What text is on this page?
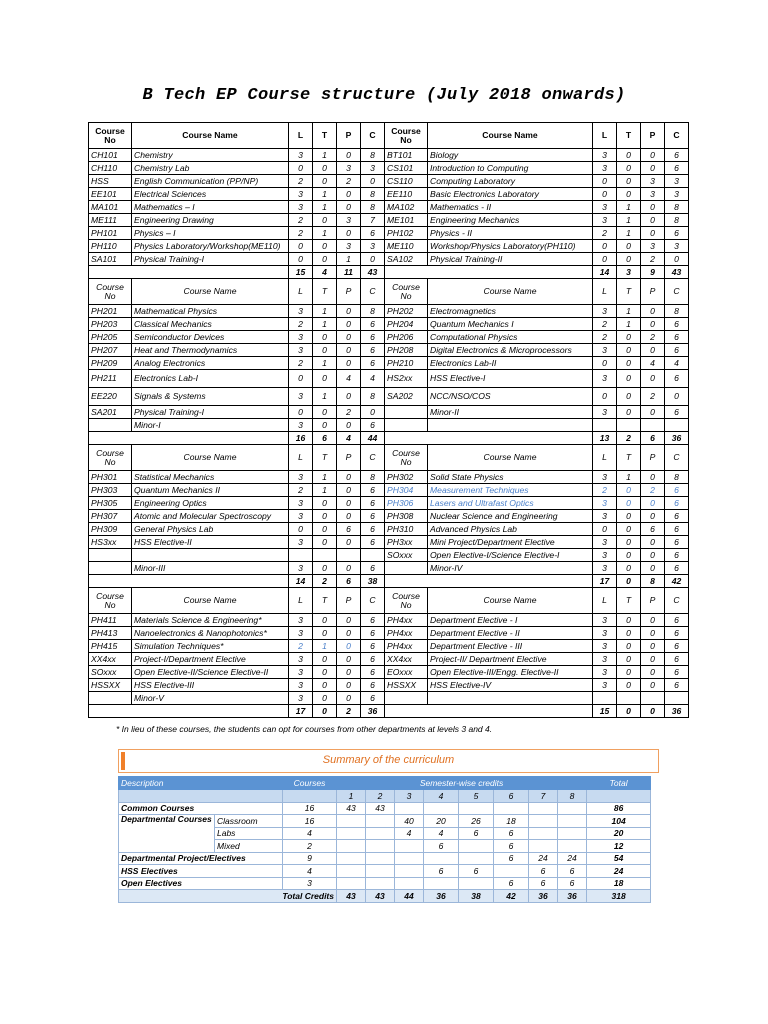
B Tech EP Course structure (July 2018 onwards)
Course No	Course Name	L	T	P	C	Course No	Course Name	L	T	P	C
CH101	Chemistry	3	1	0	8	BT101	Biology	3	0	0	6
CH110	Chemistry Lab	0	0	3	3	CS101	Introduction to Computing	3	0	0	6
HSS	English Communication (PP/NP)	2	0	2	0	CS110	Computing Laboratory	0	0	3	3
EE101	Electrical Sciences	3	1	0	8	EE110	Basic Electronics Laboratory	0	0	3	3
MA101	Mathematics – I	3	1	0	8	MA102	Mathematics - II	3	1	0	8
ME111	Engineering Drawing	2	0	3	7	ME101	Engineering Mechanics	3	1	0	8
PH101	Physics – I	2	1	0	6	PH102	Physics - II	2	1	0	6
PH110	Physics Laboratory/Workshop(ME110)	0	0	3	3	ME110	Workshop/Physics Laboratory(PH110)	0	0	3	3
SA101	Physical Training-I	0	0	1	0	SA102	Physical Training-II	0	0	2	0
		15	4	11	43			14	3	9	43
Course No	Course Name	L	T	P	C	Course No	Course Name	L	T	P	C
PH201	Mathematical Physics	3	1	0	8	PH202	Electromagnetics	3	1	0	8
PH203	Classical Mechanics	2	1	0	6	PH204	Quantum Mechanics I	2	1	0	6
PH205	Semiconductor Devices	3	0	0	6	PH206	Computational Physics	2	0	2	6
PH207	Heat and Thermodynamics	3	0	0	6	PH208	Digital Electronics & Microprocessors	3	0	0	6
PH209	Analog Electronics	2	1	0	6	PH210	Electronics Lab-II	0	0	4	4
PH211	Electronics Lab-I	0	0	4	4	HS2xx	HSS Elective-I	3	0	0	6
EE220	Signals & Systems	3	1	0	8	SA202	NCC/NSO/COS	0	0	2	0
SA201	Physical Training-I	0	0	2	0		Minor-II	3	0	0	6
	Minor-I	3	0	0	6						
		16	6	4	44			13	2	6	36
Course No	Course Name	L	T	P	C	Course No	Course Name	L	T	P	C
PH301	Statistical Mechanics	3	1	0	8	PH302	Solid State Physics	3	1	0	8
PH303	Quantum Mechanics II	2	1	0	6	PH304	Measurement Techniques	2	0	2	6
PH305	Engineering Optics	3	0	0	6	PH306	Lasers and Ultrafast Optics	3	0	0	6
PH307	Atomic and Molecular Spectroscopy	3	0	0	6	PH308	Nuclear Science and Engineering	3	0	0	6
PH309	General Physics Lab	0	0	6	6	PH310	Advanced Physics Lab	0	0	6	6
HS3xx	HSS Elective-II	3	0	0	6	PH3xx	Mini Project/Department Elective	3	0	0	6
						SOxxx	Open Elective-I/Science Elective-I	3	0	0	6
	Minor-III	3	0	0	6		Minor-IV	3	0	0	6
		14	2	6	38			17	0	8	42
Course No	Course Name	L	T	P	C	Course No	Course Name	L	T	P	C
PH411	Materials Science & Engineering*	3	0	0	6	PH4xx	Department Elective - I	3	0	0	6
PH413	Nanoelectronics & Nanophotonics*	3	0	0	6	PH4xx	Department Elective - II	3	0	0	6
PH415	Simulation Techniques*	2	1	0	6	PH4xx	Department Elective - III	3	0	0	6
XX4xx	Project-I/Department Elective	3	0	0	6	XX4xx	Project-II/ Department Elective	3	0	0	6
SOxxx	Open Elective-II/Science Elective-II	3	0	0	6	EOxxx	Open Elective-III/Engg. Elective-II	3	0	0	6
HSSXX	HSS Elective-III	3	0	0	6	HSSXX	HSS Elective-IV	3	0	0	6
	Minor-V	3	0	0	6						
		17	0	2	36			15	0	0	36
* In lieu of these courses, the students can opt for courses from other departments at levels 3 and 4.
Summary of the curriculum
Description		Courses	Semester-wise credits								Total
			1	2	3	4	5	6	7	8	
Common Courses		16	43	43							86
Departmental Courses	Classroom	16			40	20	26	18			104
	Labs	4			4	4	6	6			20
	Mixed	2				6		6			12
Departmental Project/Electives		9						6	24	24	54
HSS Electives		4				6	6		6	6	24
Open Electives		3						6	6	6	18
Total Credits			43	43	44	36	38	42	36	36	318
